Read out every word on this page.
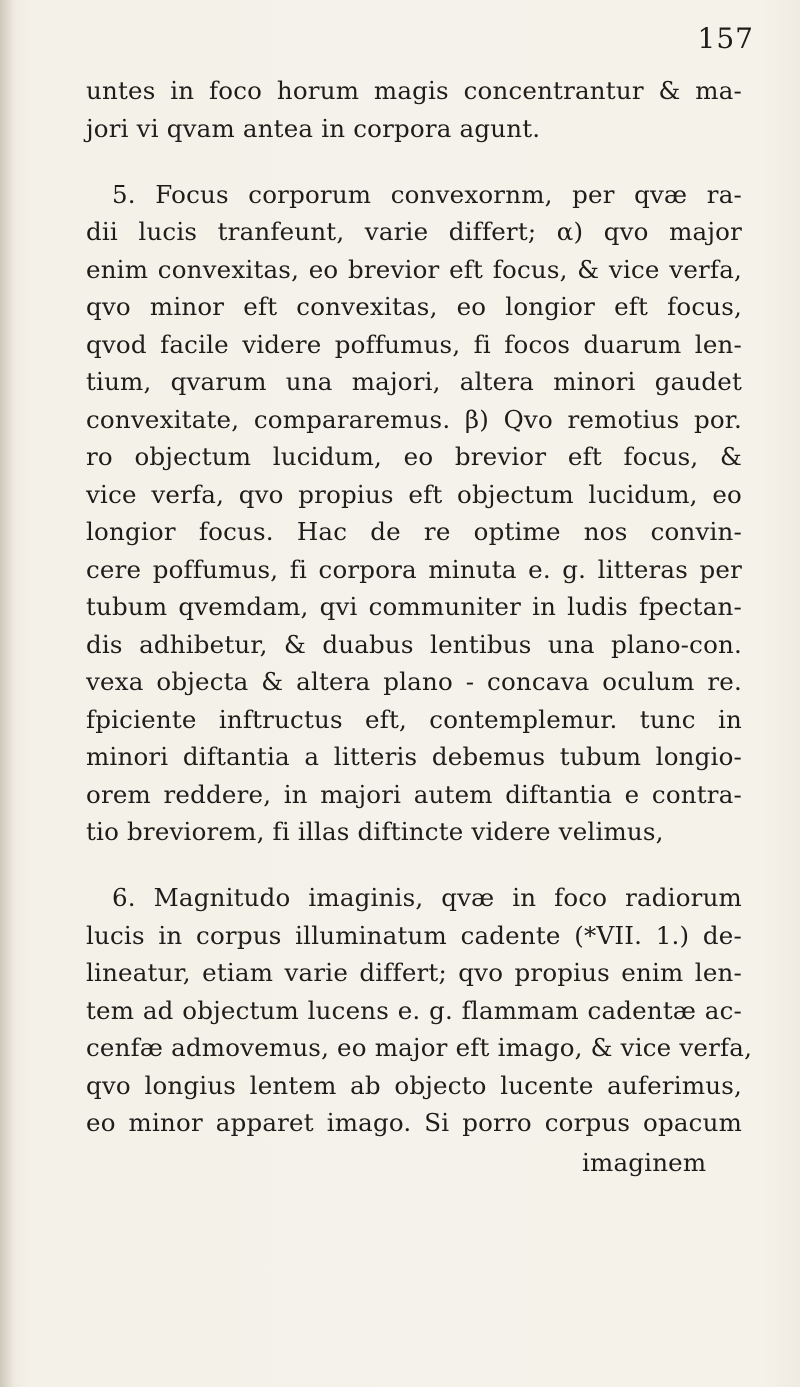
157
untes in foco horum magis concentrantur & ma-
jori vi qvam antea in corpora agunt.
5. Focus corporum convexornm, per qvæ ra-
dii lucis tranfeunt, varie differt; α) qvo major
enim convexitas, eo brevior eft focus, & vice verfa,
qvo minor eft convexitas, eo longior eft focus,
qvod facile videre poffumus, fi focos duarum len-
tium, qvarum una majori, altera minori gaudet
convexitate, compararemus. β) Qvo remotius por.
ro objectum lucidum, eo brevior eft focus, &
vice verfa, qvo propius eft objectum lucidum, eo
longior focus. Hac de re optime nos convin-
cere poffumus, fi corpora minuta e. g. litteras per
tubum qvemdam, qvi communiter in ludis fpectan-
dis adhibetur, & duabus lentibus una plano-con.
vexa objecta & altera plano - concava oculum re.
fpiciente inftructus eft, contemplemur. tunc in
minori diftantia a litteris debemus tubum longio-
orem reddere, in majori autem diftantia e contra-
tio breviorem, fi illas diftincte videre velimus,
6. Magnitudo imaginis, qvæ in foco radiorum
lucis in corpus illuminatum cadente (*VII. 1.) de-
lineatur, etiam varie differt; qvo propius enim len-
tem ad objectum lucens e. g. flammam cadentæ ac-
cenfæ admovemus, eo major eft imago, & vice verfa,
qvo longius lentem ab objecto lucente auferimus,
eo minor apparet imago. Si porro corpus opacum
imaginem
